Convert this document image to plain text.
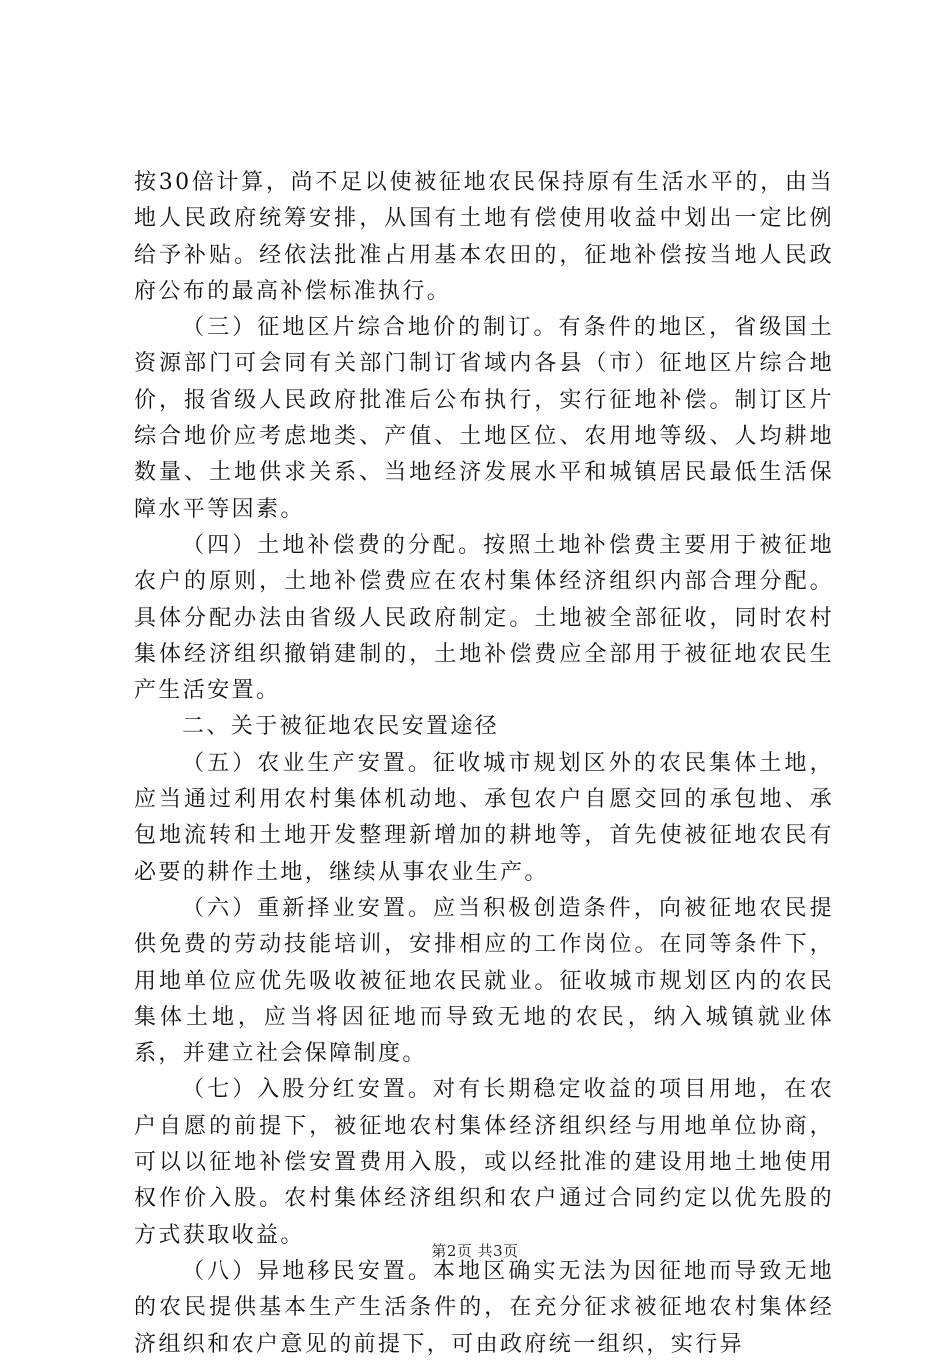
按30倍计算，尚不足以使被征地农民保持原有生活水平的，由当地人民政府统筹安排，从国有土地有偿使用收益中划出一定比例给予补贴。经依法批准占用基本农田的，征地补偿按当地人民政府公布的最高补偿标准执行。

（三）征地区片综合地价的制订。有条件的地区，省级国土资源部门可会同有关部门制订省域内各县（市）征地区片综合地价，报省级人民政府批准后公布执行，实行征地补偿。制订区片综合地价应考虑地类、产值、土地区位、农用地等级、人均耕地数量、土地供求关系、当地经济发展水平和城镇居民最低生活保障水平等因素。

（四）土地补偿费的分配。按照土地补偿费主要用于被征地农户的原则，土地补偿费应在农村集体经济组织内部合理分配。具体分配办法由省级人民政府制定。土地被全部征收，同时农村集体经济组织撤销建制的，土地补偿费应全部用于被征地农民生产生活安置。

二、关于被征地农民安置途径

（五）农业生产安置。征收城市规划区外的农民集体土地，应当通过利用农村集体机动地、承包农户自愿交回的承包地、承包地流转和土地开发整理新增加的耕地等，首先使被征地农民有必要的耕作土地，继续从事农业生产。

（六）重新择业安置。应当积极创造条件，向被征地农民提供免费的劳动技能培训，安排相应的工作岗位。在同等条件下，用地单位应优先吸收被征地农民就业。征收城市规划区内的农民集体土地，应当将因征地而导致无地的农民，纳入城镇就业体系，并建立社会保障制度。

（七）入股分红安置。对有长期稳定收益的项目用地，在农户自愿的前提下，被征地农村集体经济组织经与用地单位协商，可以以征地补偿安置费用入股，或以经批准的建设用地土地使用权作价入股。农村集体经济组织和农户通过合同约定以优先股的方式获取收益。

（八）异地移民安置。本地区确实无法为因征地而导致无地的农民提供基本生产生活条件的，在充分征求被征地农村集体经济组织和农户意见的前提下，可由政府统一组织，实行异

第2页 共3页
